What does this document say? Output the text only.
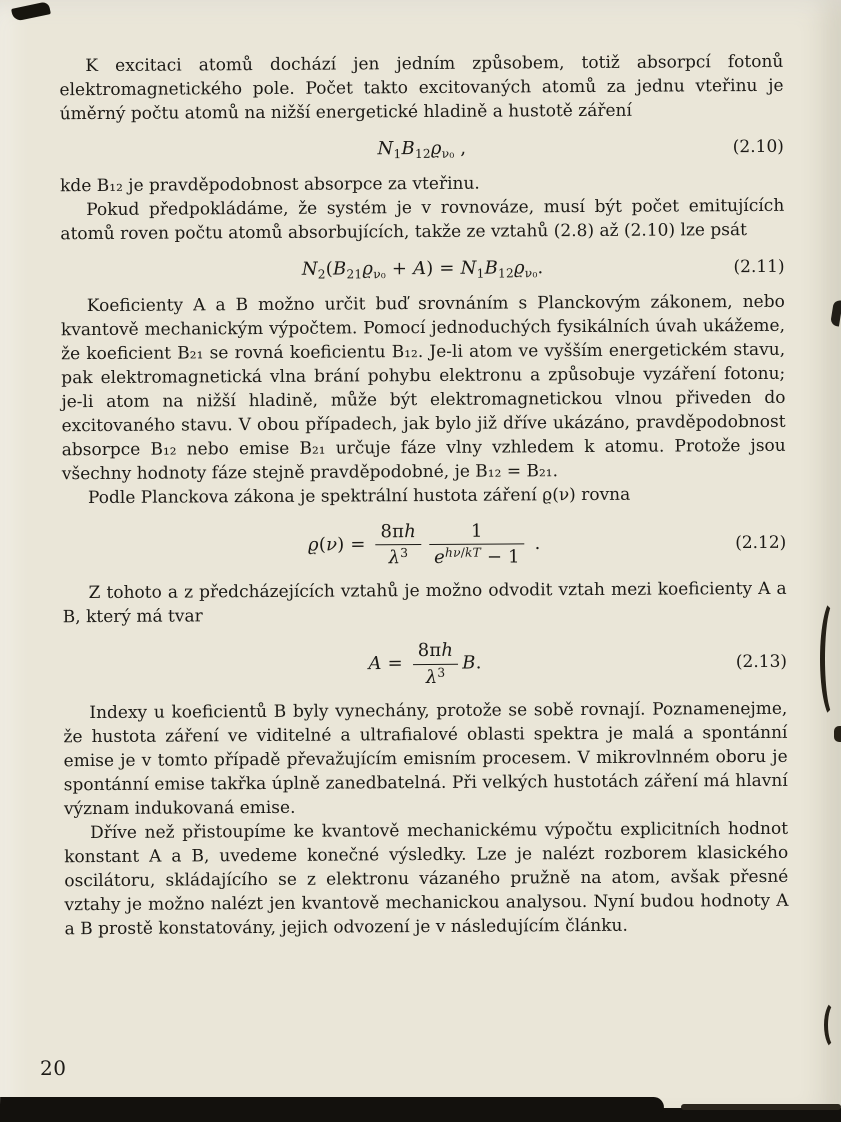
K excitaci atomů dochází jen jedním způsobem, totiž absorpcí fotonů elektromagnetického pole. Počet takto excitovaných atomů za jednu vteřinu je úměrný počtu atomů na nižší energetické hladině a hustotě záření

$N_1B_{12}ϱ_{\nu_0}$ ,	(2.10)

kde B₁₂ je pravděpodobnost absorpce za vteřinu.

Pokud předpokládáme, že systém je v rovnováze, musí být počet emitujících atomů roven počtu atomů absorbujících, takže ze vztahů (2.8) až (2.10) lze psát

$N_2(B_{21}ϱ_{\nu_0} + A) = N_1B_{12}ϱ_{\nu_0}$.	(2.11)

Koeficienty A a B možno určit buď srovnáním s Planckovým zákonem, nebo kvantově mechanickým výpočtem. Pomocí jednoduchých fysikálních úvah ukážeme, že koeficient B₂₁ se rovná koeficientu B₁₂. Je-li atom ve vyšším energetickém stavu, pak elektromagnetická vlna brání pohybu elektronu a způsobuje vyzáření fotonu; je-li atom na nižší hladině, může být elektromagnetickou vlnou přiveden do excitovaného stavu. V obou případech, jak bylo již dříve ukázáno, pravděpodobnost absorpce B₁₂ nebo emise B₂₁ určuje fáze vlny vzhledem k atomu. Protože jsou všechny hodnoty fáze stejně pravděpodobné, je B₁₂ = B₂₁.

Podle Planckova zákona je spektrální hustota záření ϱ(ν) rovna

$ϱ(\nu) = \frac{8\pi h}{\lambda^3} \frac{1}{e^{h\nu/kT} - 1}$ .	(2.12)

Z tohoto a z předcházejících vztahů je možno odvodit vztah mezi koeficienty A a B, který má tvar

$A = \frac{8\pi h}{\lambda^3} B$.	(2.13)

Indexy u koeficientů B byly vynechány, protože se sobě rovnají. Poznamenejme, že hustota záření ve viditelné a ultrafialové oblasti spektra je malá a spontánní emise je v tomto případě převažujícím emisním procesem. V mikrovlnném oboru je spontánní emise takřka úplně zanedbatelná. Při velkých hustotách záření má hlavní význam indukovaná emise.

Dříve než přistoupíme ke kvantově mechanickému výpočtu explicitních hodnot konstant A a B, uvedeme konečné výsledky. Lze je nalézt rozborem klasického oscilátoru, skládajícího se z elektronu vázaného pružně na atom, avšak přesné vztahy je možno nalézt jen kvantově mechanickou analysou. Nyní budou hodnoty A a B prostě konstatovány, jejich odvození je v následujícím článku.

20
